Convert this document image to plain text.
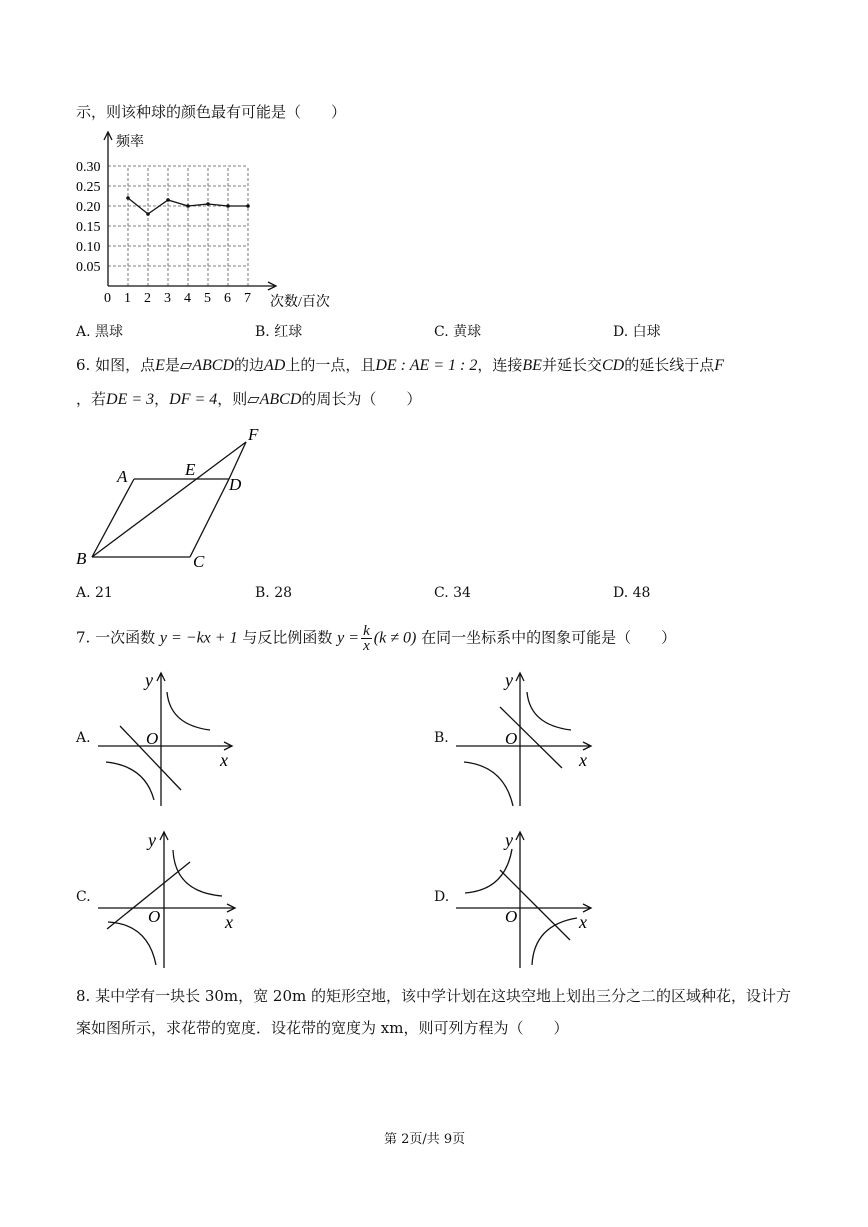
示，则该种球的颜色最有可能是（　　）
0 1 2 3 4 5 6 7
0.05
0.10
0.15
0.20
0.25
0.30
频率
次数/百次
A. 黑球	B. 红球	C. 黄球	D. 白球
6. 如图，点E是▱ABCD的边AD上的一点，且DE : AE = 1 : 2，连接BE并延长交CD的延长线于点F
，若DE = 3，DF = 4，则▱ABCD的周长为（　　）
A	E
D
F
B	C
A. 21	B. 28	C. 34	D. 48
7. 一次函数 y = −kx + 1 与反比例函数 $y = \frac{k}{x} (k \ne 0)$ 在同一坐标系中的图象可能是（　　）
A.
y
x
O	B.
y
x
O
C.
y
x
O
D.
y
x
O
8. 某中学有一块长 30m，宽 20m 的矩形空地，该中学计划在这块空地上划出三分之二的区域种花，设计方
案如图所示，求花带的宽度．设花带的宽度为 xm，则可列方程为（　　）
第 2页/共 9页
